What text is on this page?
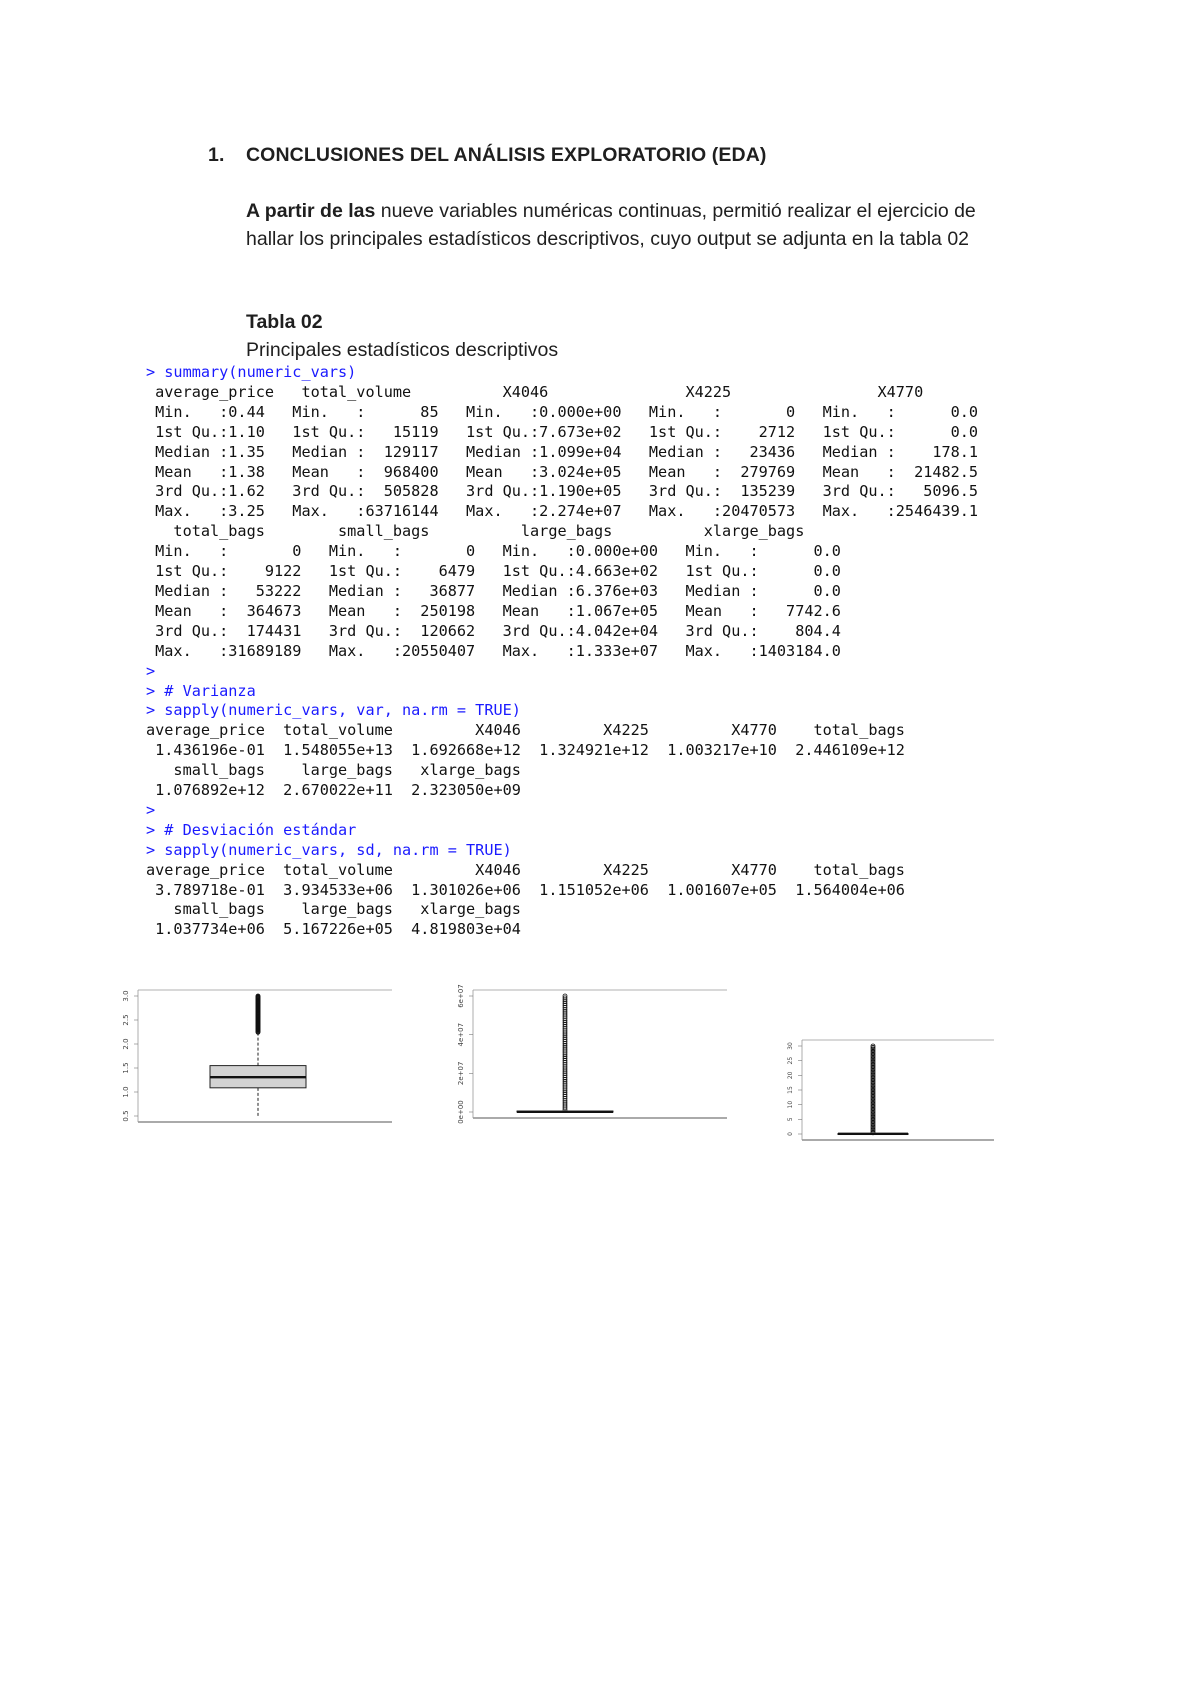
1.	CONCLUSIONES DEL ANÁLISIS EXPLORATORIO (EDA)
A partir de las nueve variables numéricas continuas, permitió realizar el ejercicio de hallar los principales estadísticos descriptivos, cuyo output se adjunta en la tabla 02
Tabla 02
Principales estadísticos descriptivos
> summary(numeric_vars)
average_price   total_volume          X4046               X4225                X4770
Min.   :0.44   Min.   :      85   Min.   :0.000e+00   Min.   :       0   Min.   :      0.0
1st Qu.:1.10   1st Qu.:   15119   1st Qu.:7.673e+02   1st Qu.:    2712   1st Qu.:      0.0
Median :1.35   Median :  129117   Median :1.099e+04   Median :   23436   Median :    178.1
Mean   :1.38   Mean   :  968400   Mean   :3.024e+05   Mean   :  279769   Mean   :  21482.5
3rd Qu.:1.62   3rd Qu.:  505828   3rd Qu.:1.190e+05   3rd Qu.:  135239   3rd Qu.:   5096.5
Max.   :3.25   Max.   :63716144   Max.   :2.274e+07   Max.   :20470573   Max.   :2546439.1
total_bags        small_bags          large_bags          xlarge_bags
Min.   :       0   Min.   :       0   Min.   :0.000e+00   Min.   :      0.0
1st Qu.:    9122   1st Qu.:    6479   1st Qu.:4.663e+02   1st Qu.:      0.0
Median :   53222   Median :   36877   Median :6.376e+03   Median :      0.0
Mean   :  364673   Mean   :  250198   Mean   :1.067e+05   Mean   :   7742.6
3rd Qu.:  174431   3rd Qu.:  120662   3rd Qu.:4.042e+04   3rd Qu.:    804.4
Max.   :31689189   Max.   :20550407   Max.   :1.333e+07   Max.   :1403184.0
>
> # Varianza
> sapply(numeric_vars, var, na.rm = TRUE)
average_price  total_volume         X4046         X4225         X4770    total_bags
1.436196e-01  1.548055e+13  1.692668e+12  1.324921e+12  1.003217e+10  2.446109e+12
small_bags    large_bags   xlarge_bags
1.076892e+12  2.670022e+11  2.323050e+09
>
> # Desviación estándar
> sapply(numeric_vars, sd, na.rm = TRUE)
average_price  total_volume         X4046         X4225         X4770    total_bags
3.789718e-01  3.934533e+06  1.301026e+06  1.151052e+06  1.001607e+05  1.564004e+06
small_bags    large_bags   xlarge_bags
1.037734e+06  5.167226e+05  4.819803e+04
0.5
1.0
1.5
2.0
2.5
3.0
0e+00
2e+07
4e+07
6e+07
0
5
10
15
20
25
30
